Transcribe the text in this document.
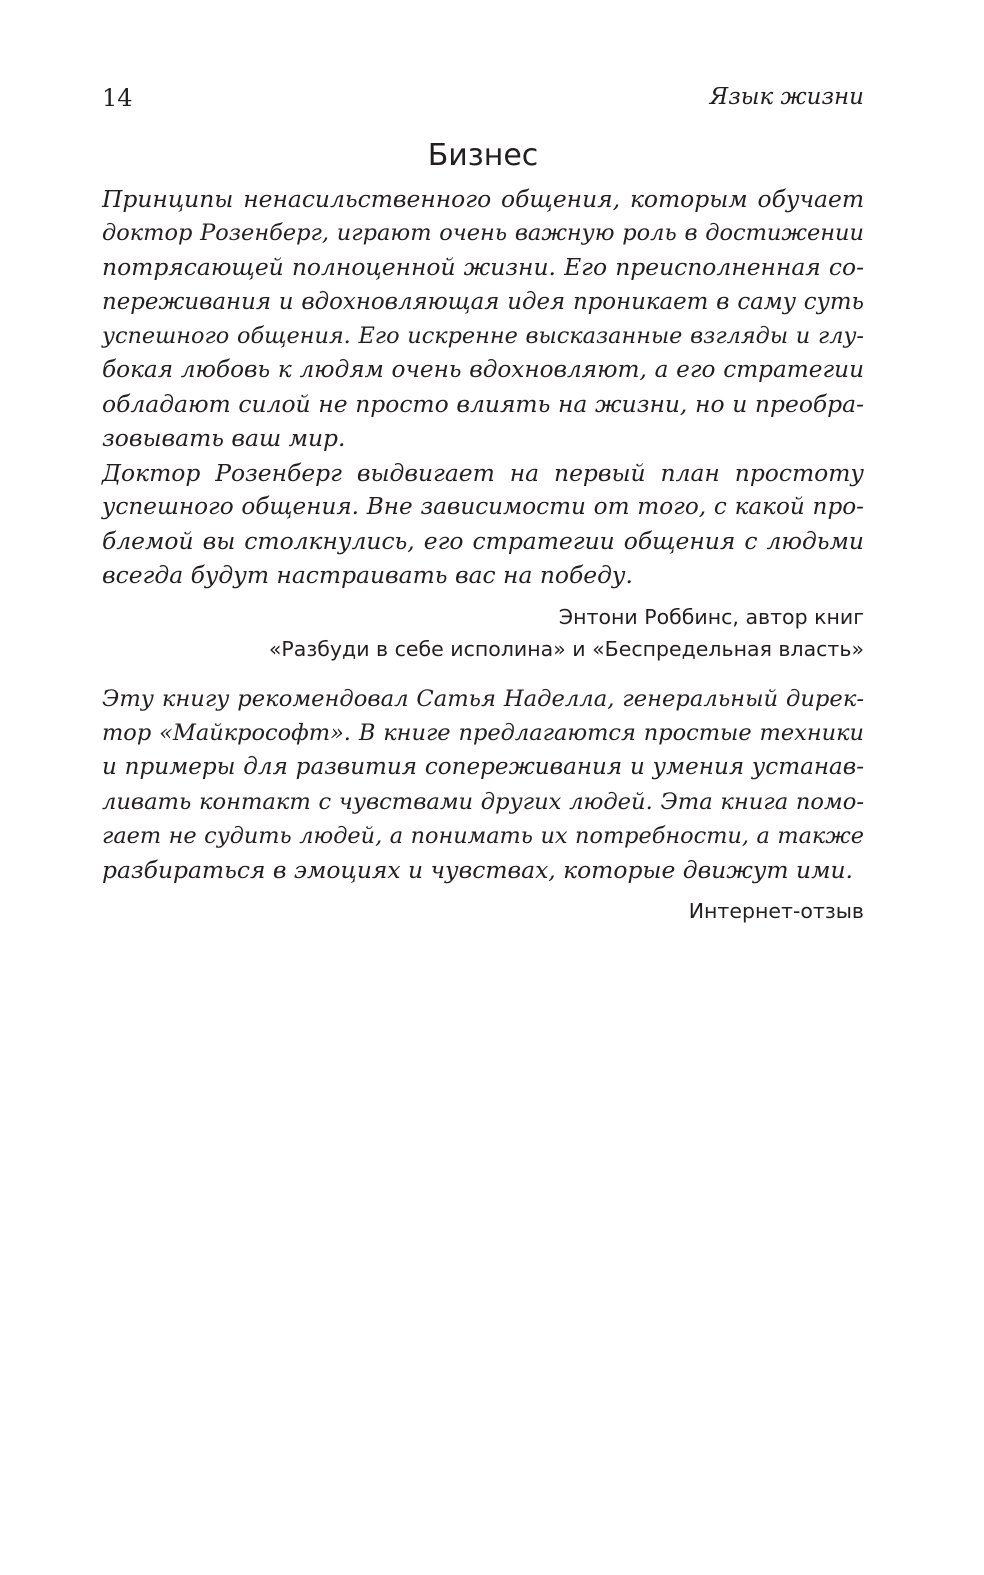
14	Язык жизни
Бизнес
Принципы ненасильственного общения, которым обучает
доктор Розенберг, играют очень важную роль в достижении
потрясающей полноценной жизни. Его преисполненная со-
переживания и вдохновляющая идея проникает в саму суть
успешного общения. Его искренне высказанные взгляды и глу-
бокая любовь к людям очень вдохновляют, а его стратегии
обладают силой не просто влиять на жизни, но и преобра-
зовывать ваш мир.
Доктор Розенберг выдвигает на первый план простоту
успешного общения. Вне зависимости от того, с какой про-
блемой вы столкнулись, его стратегии общения с людьми
всегда будут настраивать вас на победу.
Энтони Роббинс, автор книг
«Разбуди в себе исполина» и «Беспредельная власть»
Эту книгу рекомендовал Сатья Наделла, генеральный дирек-
тор «Майкрософт». В книге предлагаются простые техники
и примеры для развития сопереживания и умения устанав-
ливать контакт с чувствами других людей. Эта книга помо-
гает не судить людей, а понимать их потребности, а также
разбираться в эмоциях и чувствах, которые движут ими.
Интернет-отзыв
